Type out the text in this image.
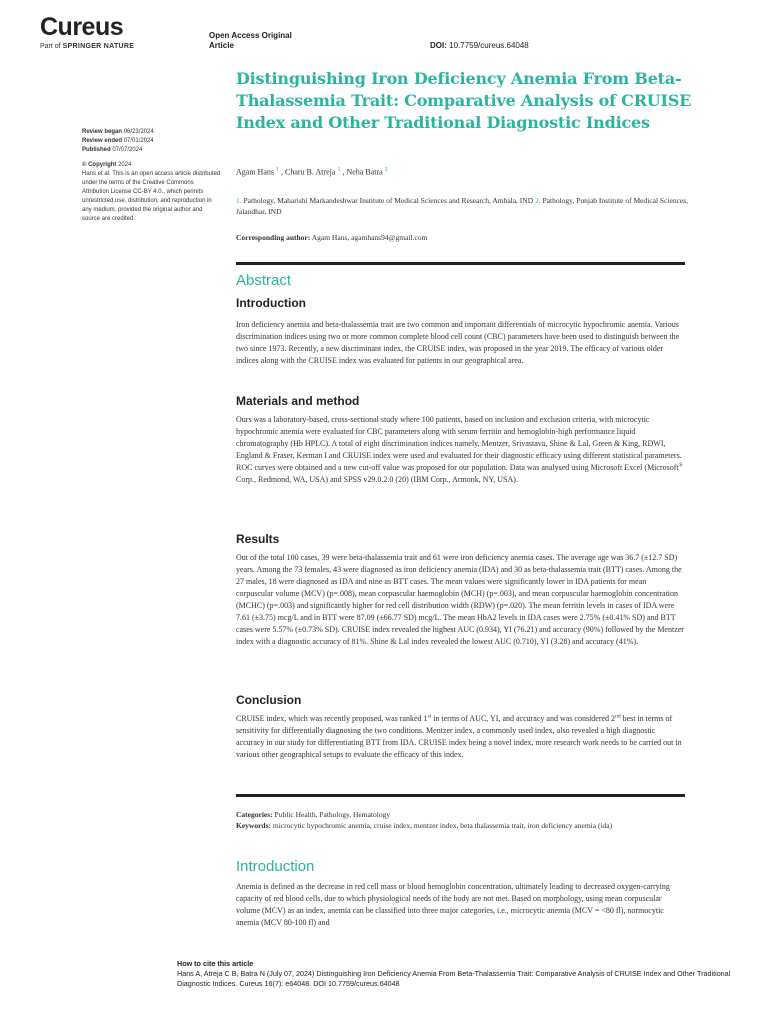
Cureus
Part of SPRINGER NATURE
Open Access Original
Article	DOI: 10.7759/cureus.64048
Review began 06/23/2024
Review ended 07/01/2024
Published 07/07/2024
© Copyright 2024
Hans et al. This is an open access article distributed under the terms of the Creative Commons Attribution License CC-BY 4.0., which permits unrestricted use, distribution, and reproduction in any medium, provided the original author and source are credited.
Distinguishing Iron Deficiency Anemia From Beta-Thalassemia Trait: Comparative Analysis of CRUISE Index and Other Traditional Diagnostic Indices
Agam Hans $^1$ , Charu B. Atreja $^1$ , Neha Batra $^2$
1. Pathology, Maharishi Markandeshwar Institute of Medical Sciences and Research, Ambala, IND 2. Pathology, Punjab Institute of Medical Sciences, Jalandhar, IND
Corresponding author: Agam Hans, agamhans94@gmail.com
Abstract
Introduction

Iron deficiency anemia and beta-thalassemia trait are two common and important differentials of microcytic hypochromic anemia. Various discrimination indices using two or more common complete blood cell count (CBC) parameters have been used to distinguish between the two since 1973. Recently, a new discriminant index, the CRUISE index, was proposed in the year 2019. The efficacy of various older indices along with the CRUISE index was evaluated for patients in our geographical area.

Materials and method

Ours was a laboratory-based, cross-sectional study where 100 patients, based on inclusion and exclusion criteria, with microcytic hypochromic anemia were evaluated for CBC parameters along with serum ferritin and hemoglobin-high performance liquid chromatography (Hb HPLC). A total of eight discrimination indices namely, Mentzer, Srivastava, Shine & Lal, Green & King, RDWI, England & Fraser, Kerman I and CRUISE index were used and evaluated for their diagnostic efficacy using different statistical parameters. ROC curves were obtained and a new cut-off value was proposed for our population. Data was analysed using Microsoft Excel (Microsoft® Corp., Redmond, WA, USA) and SPSS v29.0.2.0 (20) (IBM Corp., Armonk, NY, USA).

Results

Out of the total 100 cases, 39 were beta-thalassemia trait and 61 were iron deficiency anemia cases. The average age was 36.7 (±12.7 SD) years. Among the 73 females, 43 were diagnosed as iron deficiency anemia (IDA) and 30 as beta-thalassemia trait (BTT) cases. Among the 27 males, 18 were diagnosed as IDA and nine as BTT cases. The mean values were significantly lower in IDA patients for mean corpuscular volume (MCV) (p=.008), mean corpuscular haemoglobin (MCH) (p=.003), and mean corpuscular haemoglobin concentration (MCHC) (p=.003) and significantly higher for red cell distribution width (RDW) (p=.020). The mean ferritin levels in cases of IDA were 7.61 (±3.75) mcg/L and in BTT were 87.09 (±66.77 SD) mcg/L. The mean HbA2 levels in IDA cases were 2.75% (±0.41% SD) and BTT cases were 5.57% (±0.73% SD). CRUISE index revealed the highest AUC (0.934), YI (76.21) and accuracy (90%) followed by the Mentzer index with a diagnostic accuracy of 81%. Shine & Lal index revealed the lowest AUC (0.710), YI (3.28) and accuracy (41%).

Conclusion

CRUISE index, which was recently proposed, was ranked 1st in terms of AUC, YI, and accuracy and was considered 2nd best in terms of sensitivity for differentially diagnosing the two conditions. Mentzer index, a commonly used index, also revealed a high diagnostic accuracy in our study for differentiating BTT from IDA. CRUISE index being a novel index, more research work needs to be carried out in various other geographical setups to evaluate the efficacy of this index.

Categories: Public Health, Pathology, Hematology
Keywords: microcytic hypochromic anemia, cruise index, mentzer index, beta thalassemia trait, iron deficiency anemia (ida)
Introduction

Anemia is defined as the decrease in red cell mass or blood hemoglobin concentration, ultimately leading to decreased oxygen-carrying capacity of red blood cells, due to which physiological needs of the body are not met. Based on morphology, using mean corpuscular volume (MCV) as an index, anemia can be classified into three major categories, i.e., microcytic anemia (MCV = <80 fl), normocytic anemia (MCV 80-100 fl) and

How to cite this article
Hans A, Atreja C B, Batra N (July 07, 2024) Distinguishing Iron Deficiency Anemia From Beta-Thalassemia Trait: Comparative Analysis of CRUISE Index and Other Traditional Diagnostic Indices. Cureus 16(7): e64048. DOI 10.7759/cureus.64048
